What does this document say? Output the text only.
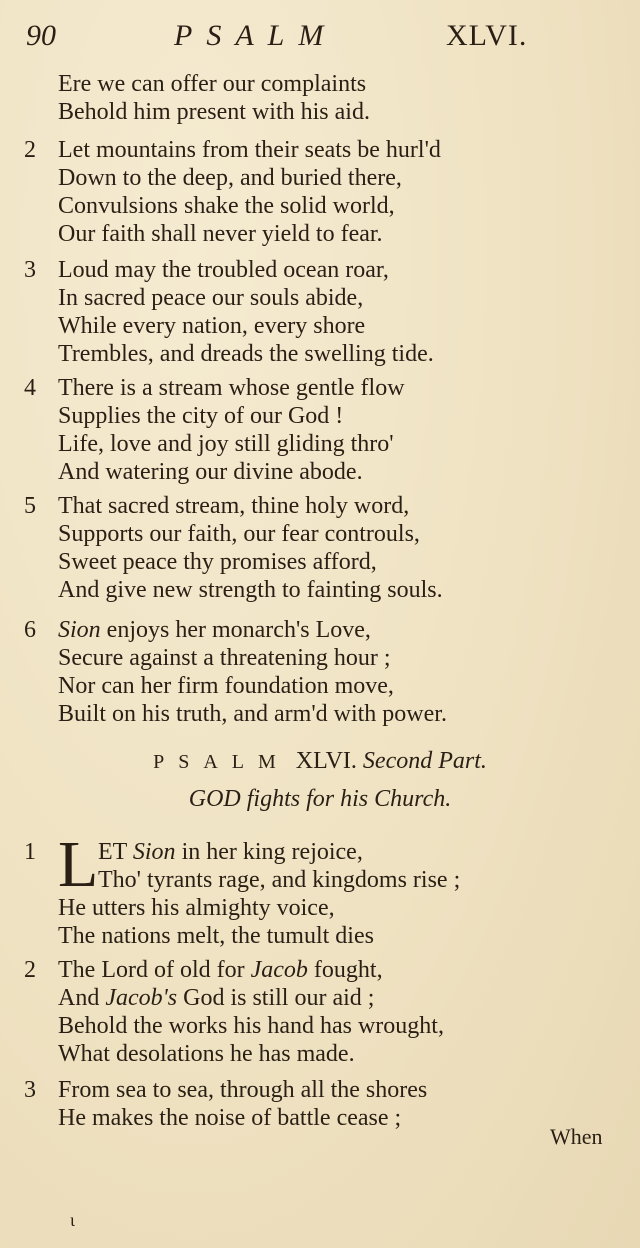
90	PSALM	XLVI.
Ere we can offer our complaints
Behold him present with his aid.
2 Let mountains from their seats be hurl'd
Down to the deep, and buried there,
Convulsions shake the solid world,
Our faith shall never yield to fear.
3 Loud may the troubled ocean roar,
In sacred peace our souls abide,
While every nation, every shore
Trembles, and dreads the swelling tide.
4 There is a stream whose gentle flow
Supplies the city of our God !
Life, love and joy still gliding thro'
And watering our divine abode.
5 That sacred stream, thine holy word,
Supports our faith, our fear controuls,
Sweet peace thy promises afford,
And give new strength to fainting souls.
6 Sion enjoys her monarch's Love,
Secure against a threatening hour ;
Nor can her firm foundation move,
Built on his truth, and arm'd with power.
PSALM XLVI. Second Part.
GOD fights for his Church.
L
1	ET Sion in her king rejoice,
Tho' tyrants rage, and kingdoms rise ;
He utters his almighty voice,
The nations melt, the tumult dies
2 The Lord of old for Jacob fought,
And Jacob's God is still our aid ;
Behold the works his hand has wrought,
What desolations he has made.
3 From sea to sea, through all the shores
He makes the noise of battle cease ;
When
ɩ
